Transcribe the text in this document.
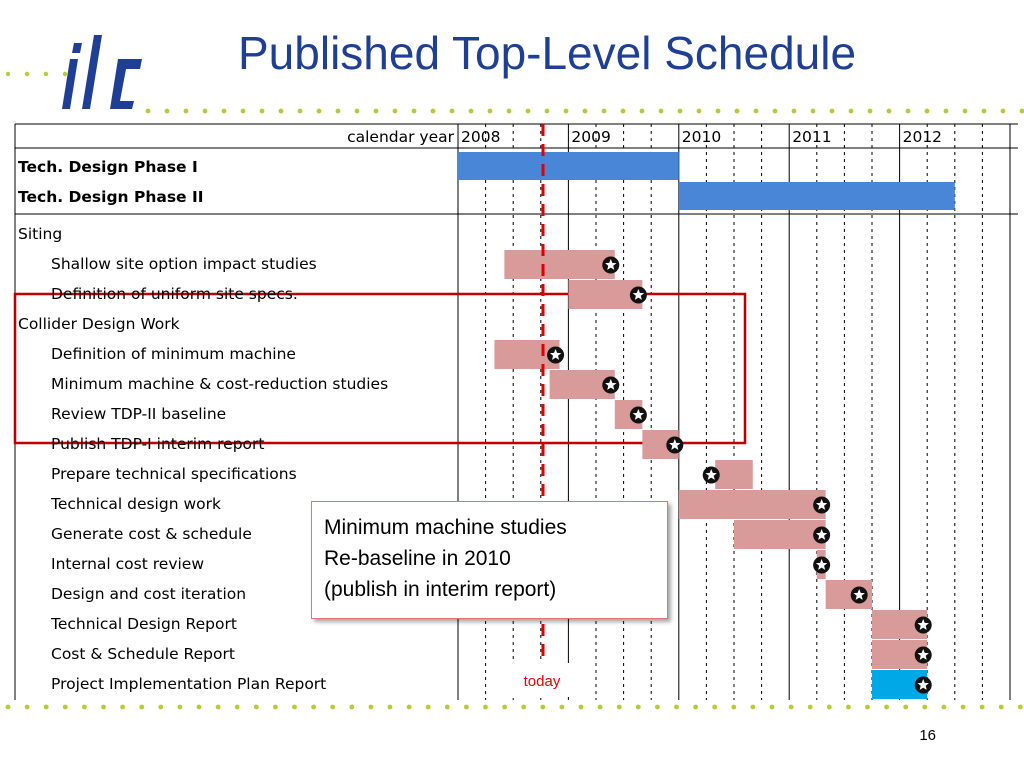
Published Top-Level Schedule
calendar year 2008	2009	2010	2011	2012
Tech. Design Phase I
Tech. Design Phase II
Siting
Shallow site option impact studies
Definition of uniform site specs.
Collider Design Work
Definition of minimum machine
Minimum machine & cost-reduction studies
Review TDP-II baseline
Publish TDP-I interim report
Prepare technical specifications
Technical design work
Generate cost & schedule
Internal cost review
Design and cost iteration
Technical Design Report
Cost & Schedule Report
Project Implementation Plan Report
Minimum machine studies
Re-baseline in 2010
(publish in interim report)
today
16
